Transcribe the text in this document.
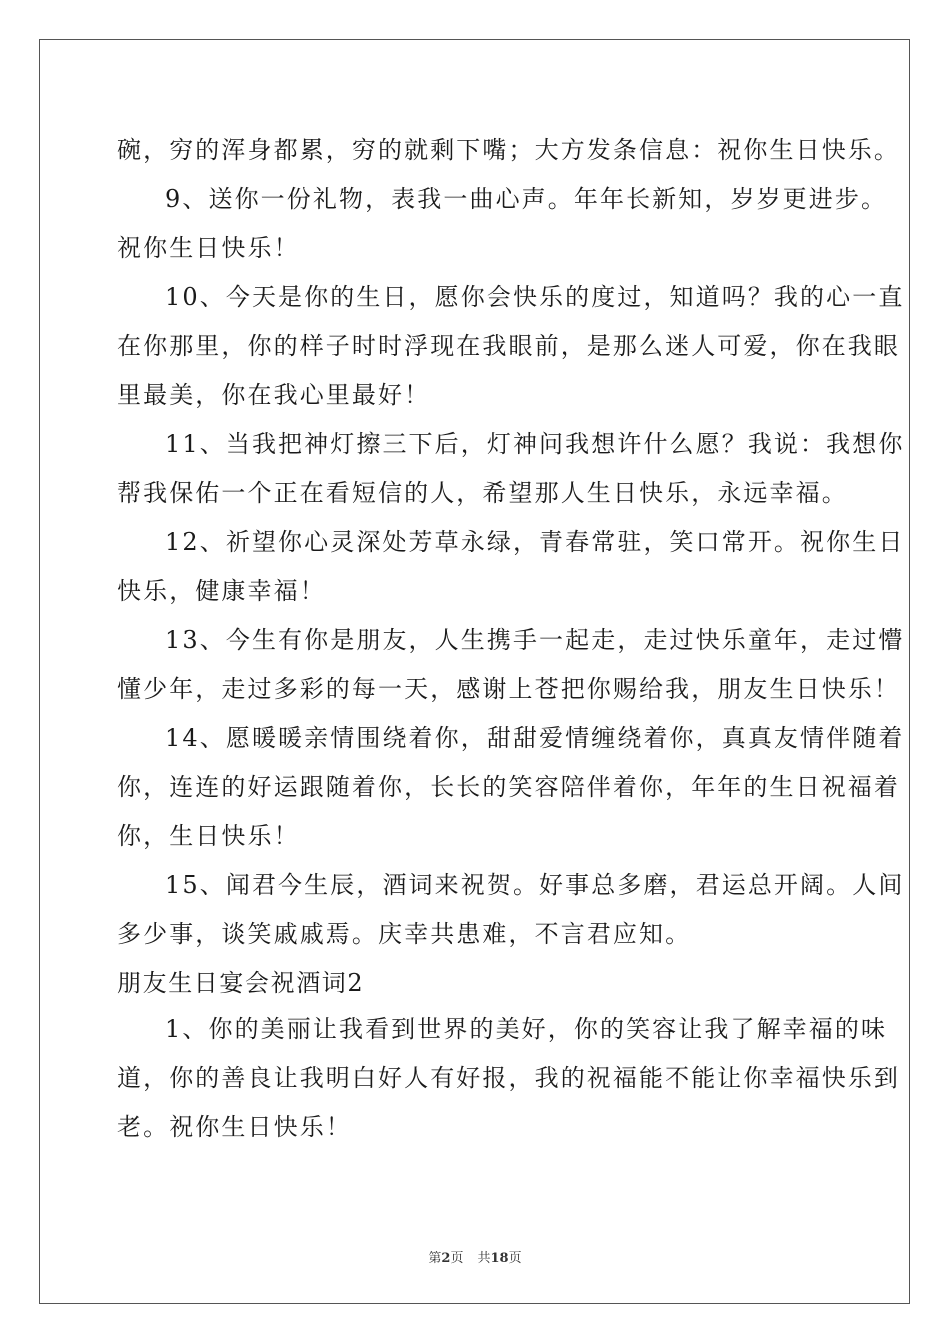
碗，穷的浑身都累，穷的就剩下嘴；大方发条信息：祝你生日快乐。
9、送你一份礼物，表我一曲心声。年年长新知，岁岁更进步。
祝你生日快乐！
10、今天是你的生日，愿你会快乐的度过，知道吗？我的心一直
在你那里，你的样子时时浮现在我眼前，是那么迷人可爱，你在我眼
里最美，你在我心里最好！
11、当我把神灯擦三下后，灯神问我想许什么愿？我说：我想你
帮我保佑一个正在看短信的人，希望那人生日快乐，永远幸福。
12、祈望你心灵深处芳草永绿，青春常驻，笑口常开。祝你生日
快乐，健康幸福！
13、今生有你是朋友，人生携手一起走，走过快乐童年，走过懵
懂少年，走过多彩的每一天，感谢上苍把你赐给我，朋友生日快乐！
14、愿暖暖亲情围绕着你，甜甜爱情缠绕着你，真真友情伴随着
你，连连的好运跟随着你，长长的笑容陪伴着你，年年的生日祝福着
你，生日快乐！
15、闻君今生辰，酒词来祝贺。好事总多磨，君运总开阔。人间
多少事，谈笑戚戚焉。庆幸共患难，不言君应知。
朋友生日宴会祝酒词2
1、你的美丽让我看到世界的美好，你的笑容让我了解幸福的味
道，你的善良让我明白好人有好报，我的祝福能不能让你幸福快乐到
老。祝你生日快乐！
第2页 共18页
